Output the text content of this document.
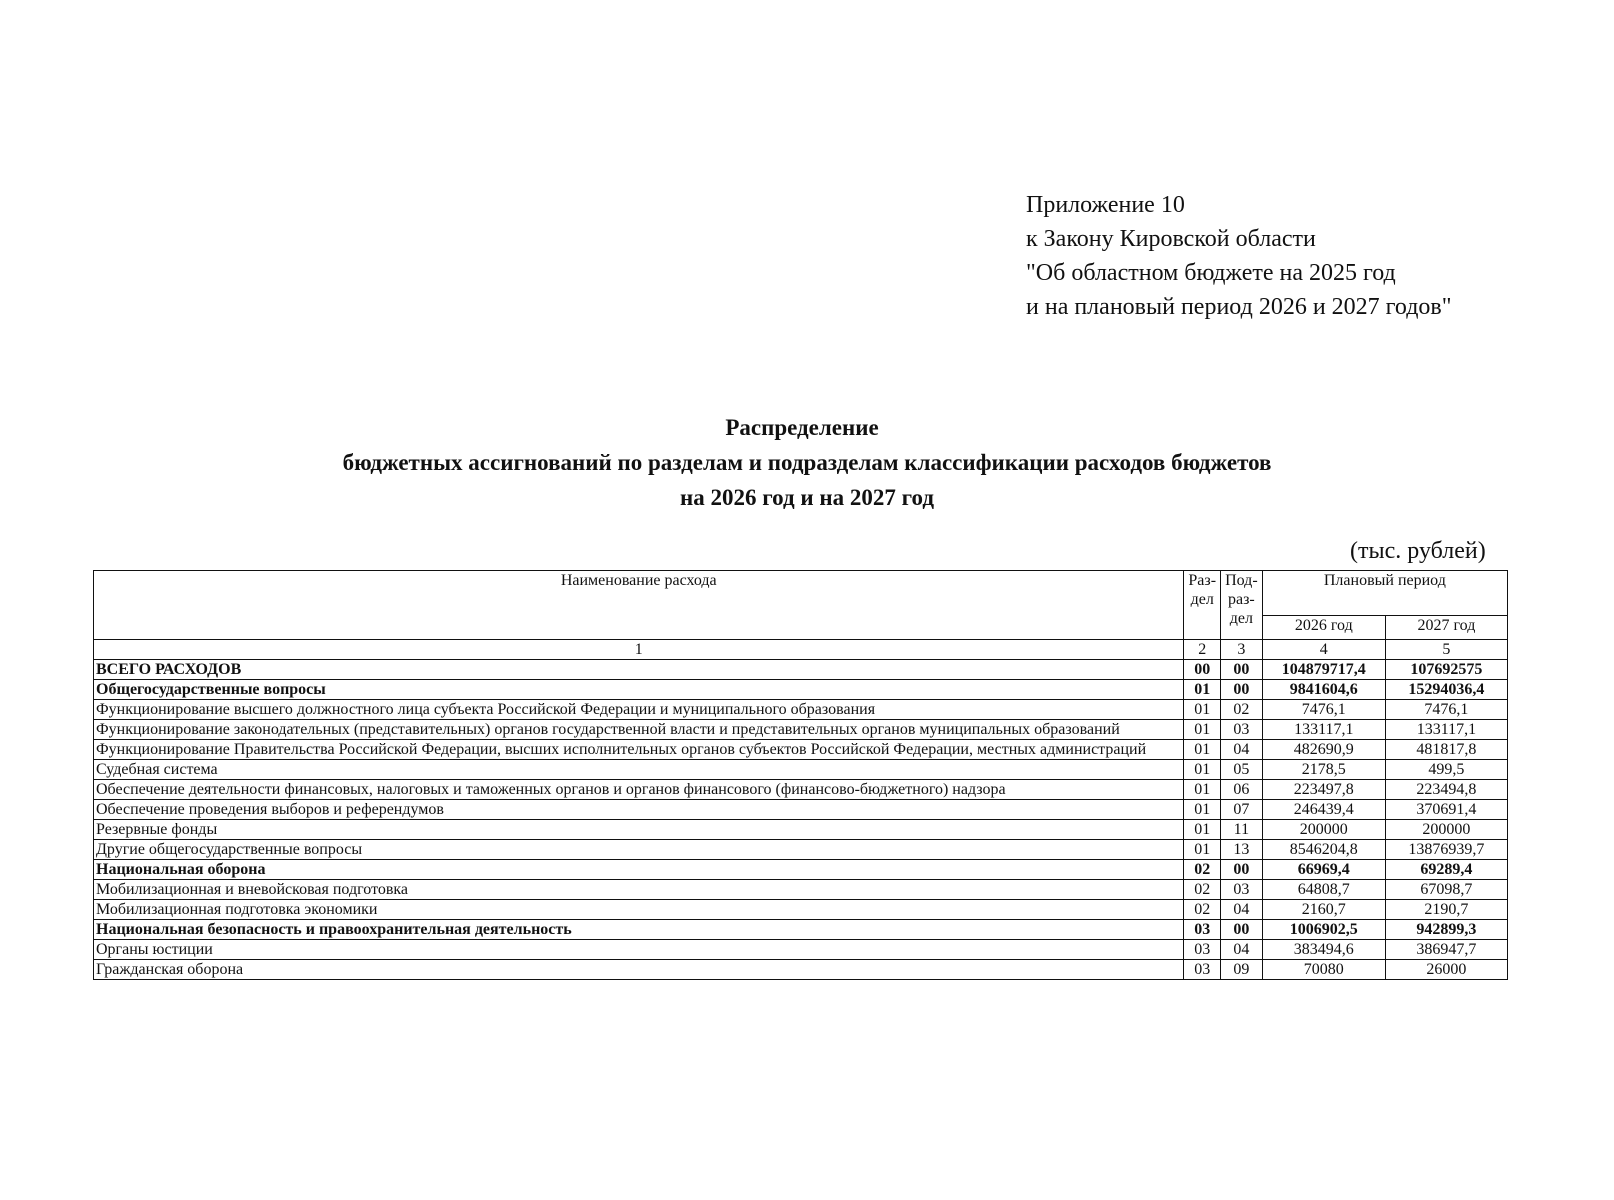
Приложение 10
к Закону Кировской области
"Об областном бюджете на 2025 год
и на плановый период 2026 и 2027 годов"
Распределение
бюджетных ассигнований по разделам и подразделам классификации расходов бюджетов
на 2026 год и на 2027 год
(тыс. рублей)
Наименование расхода	Раз-дел	Под-раз-дел	Плановый период	
			2026 год	2027 год
1	2	3	4	5
ВСЕГО РАСХОДОВ	00	00	104879717,4	107692575
Общегосударственные вопросы	01	00	9841604,6	15294036,4
Функционирование высшего должностного лица субъекта Российской Федерации и муниципального образования	01	02	7476,1	7476,1
Функционирование законодательных (представительных) органов государственной власти и представительных органов муниципальных образований	01	03	133117,1	133117,1
Функционирование Правительства Российской Федерации, высших исполнительных органов субъектов Российской Федерации, местных администраций	01	04	482690,9	481817,8
Судебная система	01	05	2178,5	499,5
Обеспечение деятельности финансовых, налоговых и таможенных органов и органов финансового (финансово-бюджетного) надзора	01	06	223497,8	223494,8
Обеспечение проведения выборов и референдумов	01	07	246439,4	370691,4
Резервные фонды	01	11	200000	200000
Другие общегосударственные вопросы	01	13	8546204,8	13876939,7
Национальная оборона	02	00	66969,4	69289,4
Мобилизационная и вневойсковая подготовка	02	03	64808,7	67098,7
Мобилизационная подготовка экономики	02	04	2160,7	2190,7
Национальная безопасность и правоохранительная деятельность	03	00	1006902,5	942899,3
Органы юстиции	03	04	383494,6	386947,7
Гражданская оборона	03	09	70080	26000
